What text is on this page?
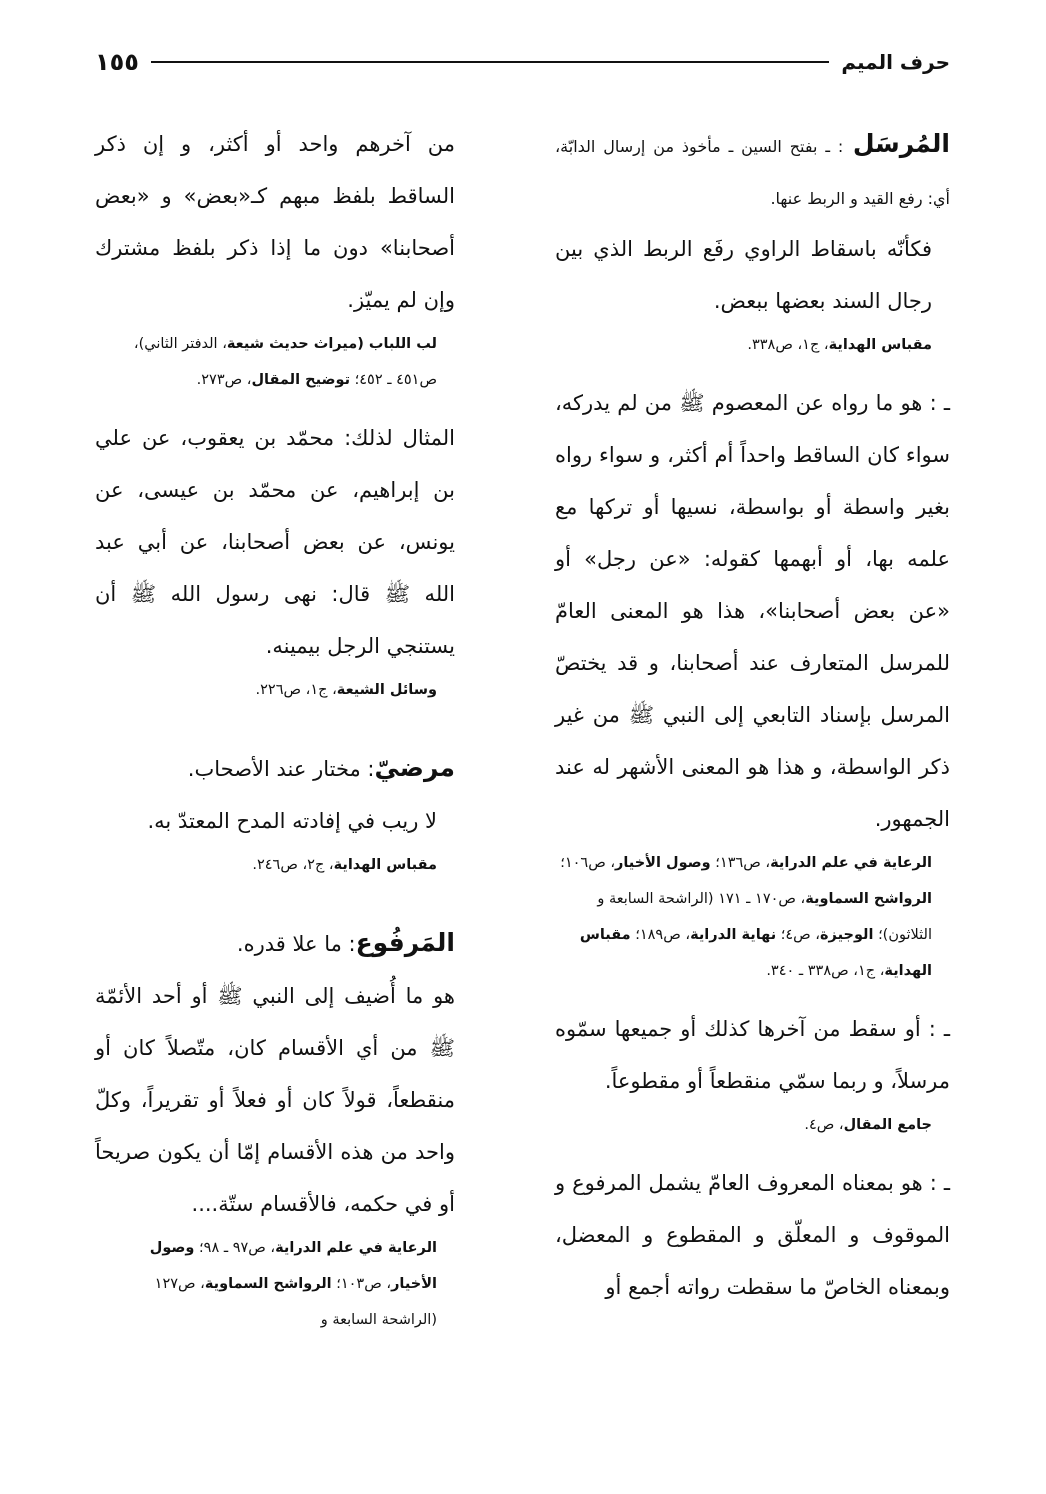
حرف الميم
١٥٥

المُرسَل : ـ بفتح السين ـ مأخوذ من إرسال الدابّة، أي: رفع القيد و الربط عنها.

فكأنّه باسقاط الراوي رفَع الربط الذي بين رجال السند بعضها ببعض.

مقباس الهداية، ج١، ص٣٣٨.

ـ : هو ما رواه عن المعصوم ﷺ من لم يدركه، سواء كان الساقط واحداً أم أكثر، و سواء رواه بغير واسطة أو بواسطة، نسيها أو تركها مع علمه بها، أو أبهمها كقوله: «عن رجل» أو «عن بعض أصحابنا»، هذا هو المعنى العامّ للمرسل المتعارف عند أصحابنا، و قد يختصّ المرسل بإسناد التابعي إلى النبي ﷺ من غير ذكر الواسطة، و هذا هو المعنى الأشهر له عند الجمهور.

الرعاية في علم الدراية، ص١٣٦؛ وصول الأخيار، ص١٠٦؛ الرواشح السماوية، ص١٧٠ ـ ١٧١ (الراشحة السابعة و الثلاثون)؛ الوجيزة، ص٤؛ نهاية الدراية، ص١٨٩؛ مقباس الهداية، ج١، ص٣٣٨ ـ ٣٤٠.

ـ : أو سقط من آخرها كذلك أو جميعها سمّوه مرسلاً، و ربما سمّي منقطعاً أو مقطوعاً.

جامع المقال، ص٤.

ـ : هو بمعناه المعروف العامّ يشمل المرفوع و الموقوف و المعلّق و المقطوع و المعضل، وبمعناه الخاصّ ما سقطت رواته أجمع أو

من آخرهم واحد أو أكثر، و إن ذكر الساقط بلفظ مبهم كـ«بعض» و «بعض أصحابنا» دون ما إذا ذكر بلفظ مشترك وإن لم يميّز.

لب اللباب (ميراث حديث شيعة، الدفتر الثاني)، ص٤٥١ ـ ٤٥٢؛ توضيح المقال، ص٢٧٣.

المثال لذلك: محمّد بن يعقوب، عن علي بن إبراهيم، عن محمّد بن عيسى، عن يونس، عن بعض أصحابنا، عن أبي عبد الله ﷺ قال: نهى رسول الله ﷺ أن يستنجي الرجل بيمينه.

وسائل الشيعة، ج١، ص٢٢٦.

مرضيّ: مختار عند الأصحاب.

لا ريب في إفادته المدح المعتدّ به.

مقباس الهداية، ج٢، ص٢٤٦.

المَرفُوع: ما علا قدره.

هو ما أُضيف إلى النبي ﷺ أو أحد الأئمّة ﷺ من أي الأقسام كان، متّصلاً كان أو منقطعاً، قولاً كان أو فعلاً أو تقريراً، وكلّ واحد من هذه الأقسام إمّا أن يكون صريحاً أو في حكمه، فالأقسام ستّة....

الرعاية في علم الدراية، ص٩٧ ـ ٩٨؛ وصول الأخيار، ص١٠٣؛ الرواشح السماوية، ص١٢٧ (الراشحة السابعة و
